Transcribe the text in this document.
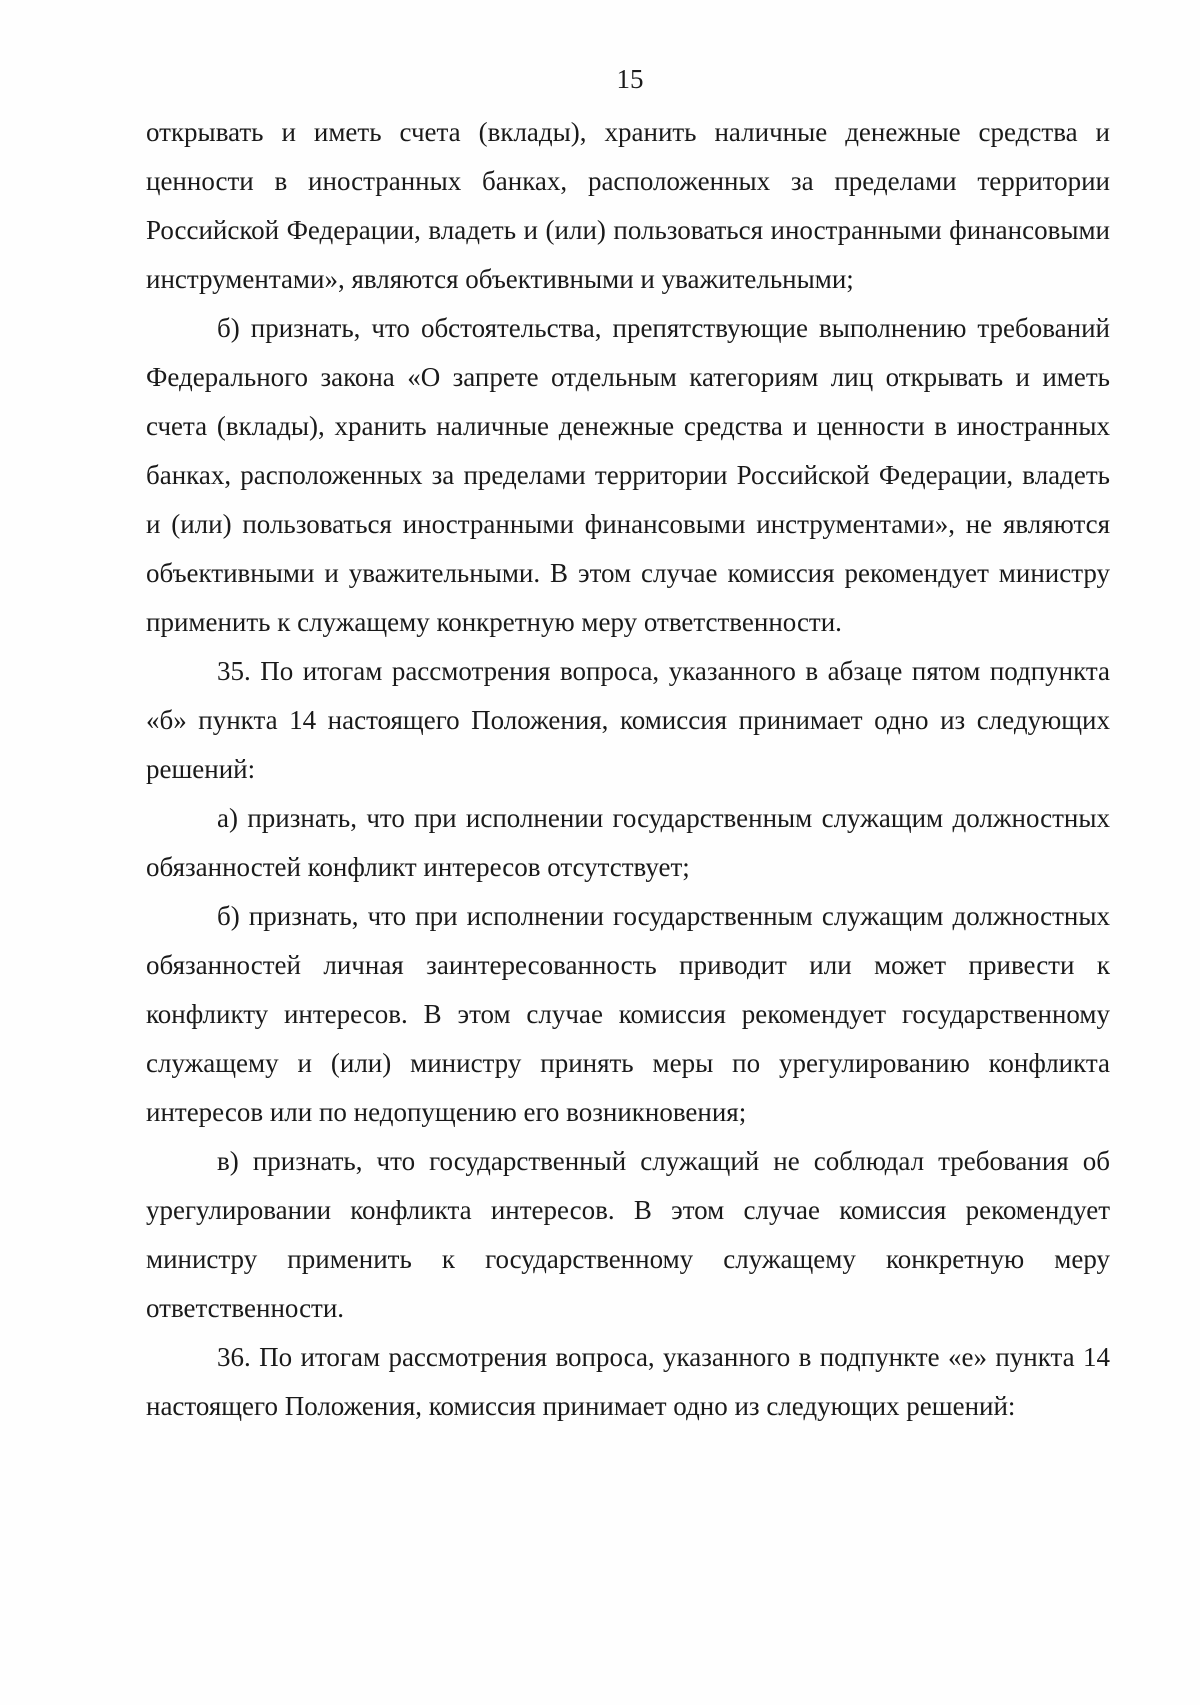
15

открывать и иметь счета (вклады), хранить наличные денежные средства и ценности в иностранных банках, расположенных за пределами территории Российской Федерации, владеть и (или) пользоваться иностранными финансовыми инструментами», являются объективными и уважительными;

б) признать, что обстоятельства, препятствующие выполнению требований Федерального закона «О запрете отдельным категориям лиц открывать и иметь счета (вклады), хранить наличные денежные средства и ценности в иностранных банках, расположенных за пределами территории Российской Федерации, владеть и (или) пользоваться иностранными финансовыми инструментами», не являются объективными и уважительными. В этом случае комиссия рекомендует министру применить к служащему конкретную меру ответственности.

35. По итогам рассмотрения вопроса, указанного в абзаце пятом подпункта «б» пункта 14 настоящего Положения, комиссия принимает одно из следующих решений:

а) признать, что при исполнении государственным служащим должностных обязанностей конфликт интересов отсутствует;

б) признать, что при исполнении государственным служащим должностных обязанностей личная заинтересованность приводит или может привести к конфликту интересов. В этом случае комиссия рекомендует государственному служащему и (или) министру принять меры по урегулированию конфликта интересов или по недопущению его возникновения;

в) признать, что государственный служащий не соблюдал требования об урегулировании конфликта интересов. В этом случае комиссия рекомендует министру применить к государственному служащему конкретную меру ответственности.

36. По итогам рассмотрения вопроса, указанного в подпункте «е» пункта 14 настоящего Положения, комиссия принимает одно из следующих решений:
